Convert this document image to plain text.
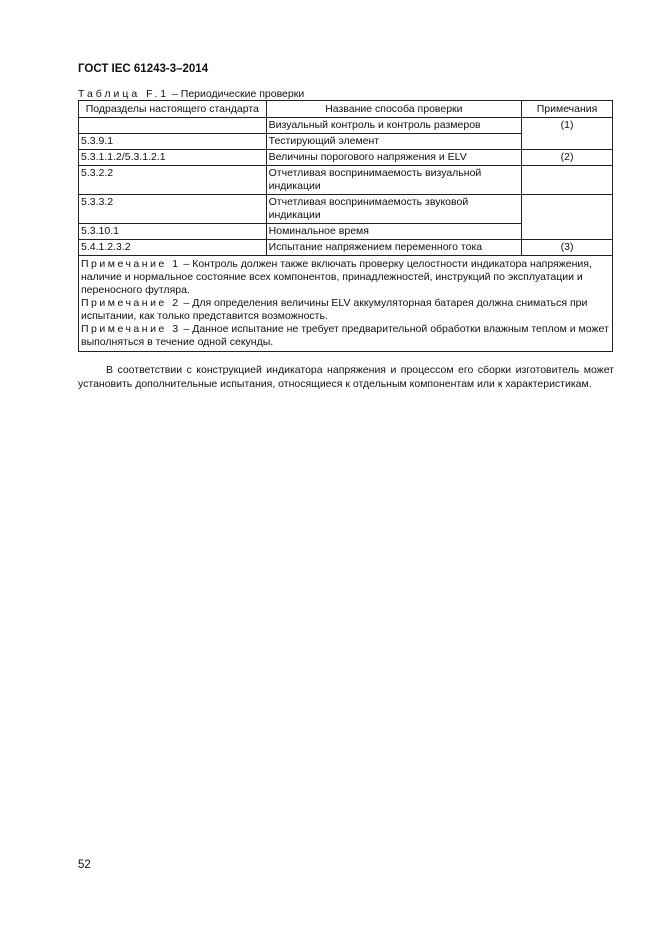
ГОСТ IEC 61243-3–2014
Таблица F.1 – Периодические проверки
Подразделы настоящего стандарта	Название способа проверки	Примечания
	Визуальный контроль и контроль размеров	(1)
5.3.9.1	Тестирующий элемент	
5.3.1.1.2/5.3.1.2.1	Величины порогового напряжения и ELV	(2)
5.3.2.2	Отчетливая воспринимаемость визуальной индикации	
5.3.3.2	Отчетливая воспринимаемость звуковой индикации	
5.3.10.1	Номинальное время	
5.4.1.2.3.2	Испытание напряжением переменного тока	(3)

Примечание 1 – Контроль должен также включать проверку целостности индикатора напряжения, наличие и нормальное состояние всех компонентов, принадлежностей, инструкций по эксплуатации и переносного футляра.
Примечание 2 – Для определения величины ELV аккумуляторная батарея должна сниматься при испытании, как только представится возможность.
Примечание 3 – Данное испытание не требует предварительной обработки влажным теплом и может выполняться в течение одной секунды.		

В соответствии с конструкцией индикатора напряжения и процессом его сборки изготовитель может установить дополнительные испытания, относящиеся к отдельным компонентам или к характеристикам.

52
